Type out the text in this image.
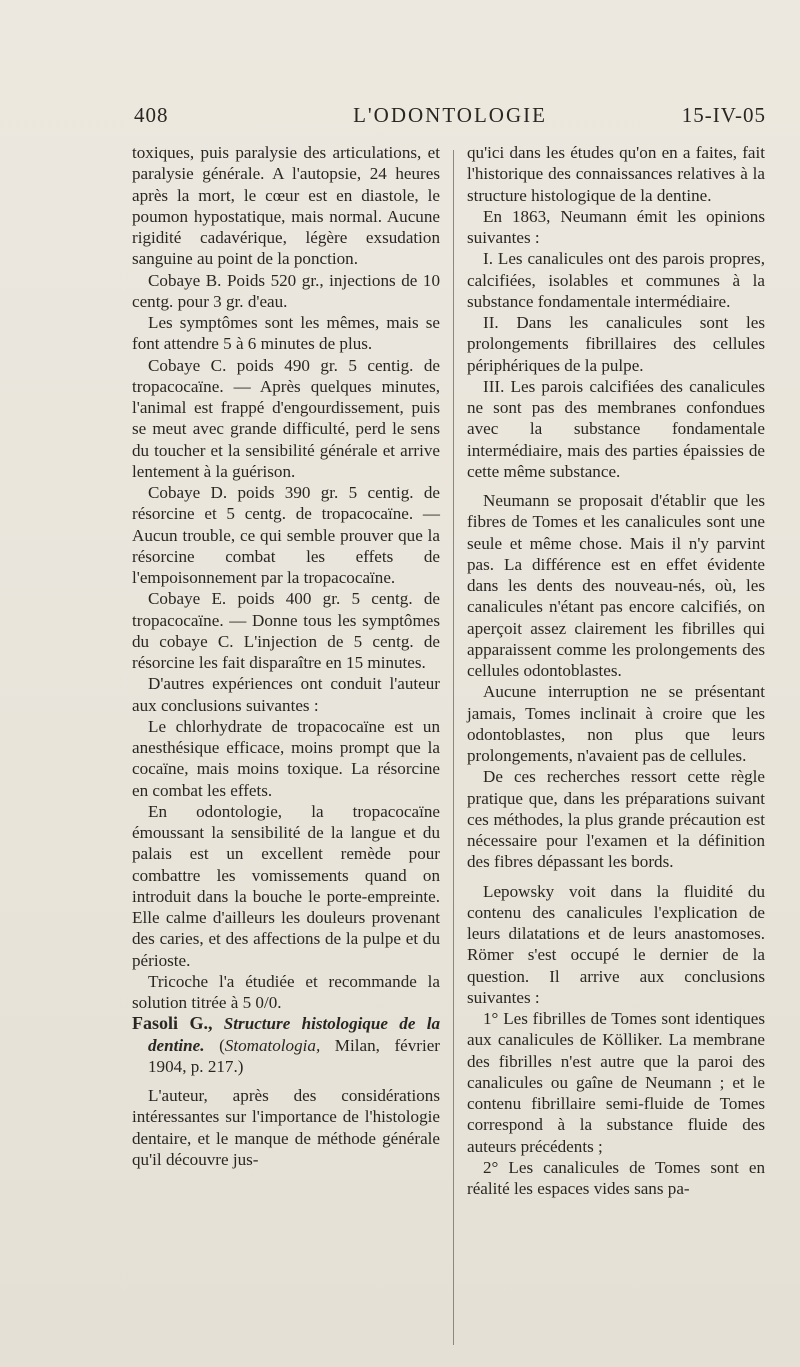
408	L'ODONTOLOGIE	15-IV-05

toxiques, puis paralysie des articulations, et paralysie générale. A l'autopsie, 24 heures après la mort, le cœur est en diastole, le poumon hypostatique, mais normal. Aucune rigidité cadavérique, légère exsudation sanguine au point de la ponction.

Cobaye B. Poids 520 gr., injections de 10 centg. pour 3 gr. d'eau.

Les symptômes sont les mêmes, mais se font attendre 5 à 6 minutes de plus.

Cobaye C. poids 490 gr. 5 centig. de tropacocaïne. — Après quelques minutes, l'animal est frappé d'engourdissement, puis se meut avec grande difficulté, perd le sens du toucher et la sensibilité générale et arrive lentement à la guérison.

Cobaye D. poids 390 gr. 5 centig. de résorcine et 5 centg. de tropacocaïne. — Aucun trouble, ce qui semble prouver que la résorcine combat les effets de l'empoisonnement par la tropacocaïne.

Cobaye E. poids 400 gr. 5 centg. de tropacocaïne. — Donne tous les symptômes du cobaye C. L'injection de 5 centg. de résorcine les fait disparaître en 15 minutes.

D'autres expériences ont conduit l'auteur aux conclusions suivantes :

Le chlorhydrate de tropacocaïne est un anesthésique efficace, moins prompt que la cocaïne, mais moins toxique. La résorcine en combat les effets.

En odontologie, la tropacocaïne émoussant la sensibilité de la langue et du palais est un excellent remède pour combattre les vomissements quand on introduit dans la bouche le porte-empreinte. Elle calme d'ailleurs les douleurs provenant des caries, et des affections de la pulpe et du périoste.

Tricoche l'a étudiée et recommande la solution titrée à 5 0/0.

Fasoli G., Structure histologique de la dentine. (Stomatologia, Milan, février 1904, p. 217.)

L'auteur, après des considérations intéressantes sur l'importance de l'histologie dentaire, et le manque de méthode générale qu'il découvre jus-

qu'ici dans les études qu'on en a faites, fait l'historique des connaissances relatives à la structure histologique de la dentine.

En 1863, Neumann émit les opinions suivantes :

I. Les canalicules ont des parois propres, calcifiées, isolables et communes à la substance fondamentale intermédiaire.

II. Dans les canalicules sont les prolongements fibrillaires des cellules périphériques de la pulpe.

III. Les parois calcifiées des canalicules ne sont pas des membranes confondues avec la substance fondamentale intermédiaire, mais des parties épaissies de cette même substance.

Neumann se proposait d'établir que les fibres de Tomes et les canalicules sont une seule et même chose. Mais il n'y parvint pas. La différence est en effet évidente dans les dents des nouveau-nés, où, les canalicules n'étant pas encore calcifiés, on aperçoit assez clairement les fibrilles qui apparaissent comme les prolongements des cellules odontoblastes.

Aucune interruption ne se présentant jamais, Tomes inclinait à croire que les odontoblastes, non plus que leurs prolongements, n'avaient pas de cellules.

De ces recherches ressort cette règle pratique que, dans les préparations suivant ces méthodes, la plus grande précaution est nécessaire pour l'examen et la définition des fibres dépassant les bords.

Lepowsky voit dans la fluidité du contenu des canalicules l'explication de leurs dilatations et de leurs anastomoses. Römer s'est occupé le dernier de la question. Il arrive aux conclusions suivantes :

1° Les fibrilles de Tomes sont identiques aux canalicules de Kölliker. La membrane des fibrilles n'est autre que la paroi des canalicules ou gaîne de Neumann ; et le contenu fibrillaire semi-fluide de Tomes correspond à la substance fluide des auteurs précédents ;

2° Les canalicules de Tomes sont en réalité les espaces vides sans pa-
